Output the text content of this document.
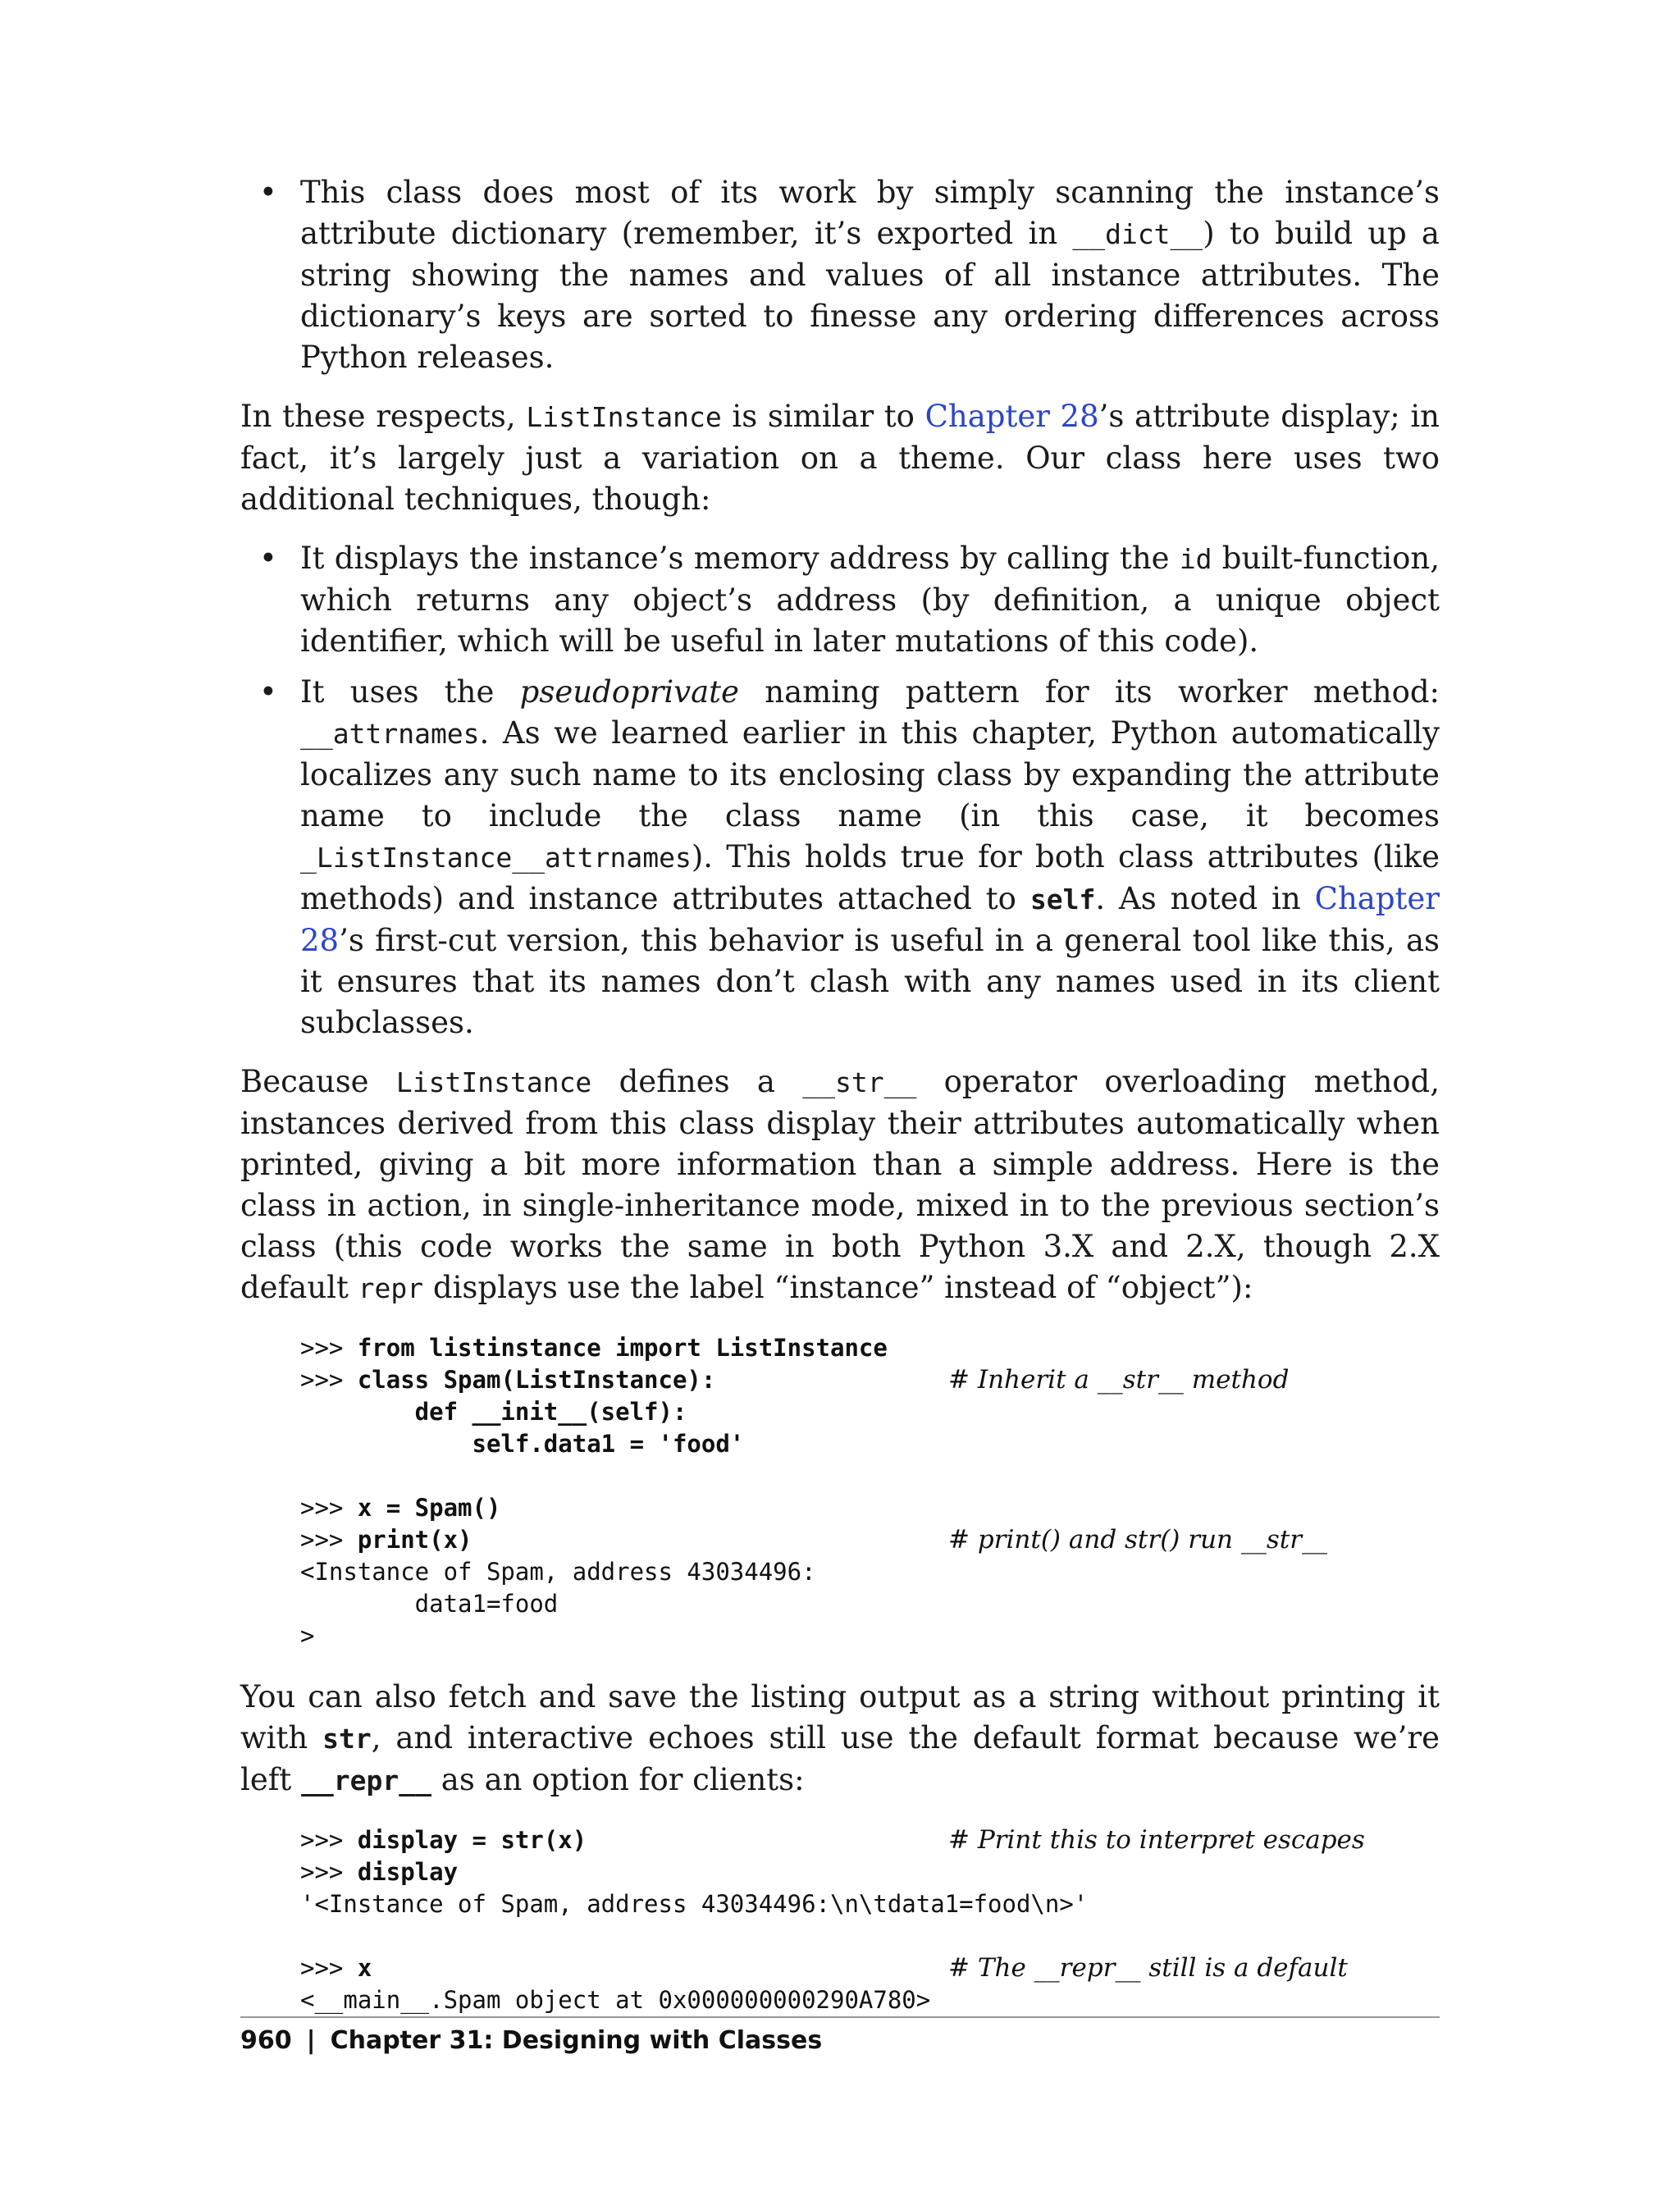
• This class does most of its work by simply scanning the instance’s attribute dictionary (remember, it’s exported in __dict__) to build up a string showing the names and values of all instance attributes. The dictionary’s keys are sorted to finesse any ordering differences across Python releases.

In these respects, ListInstance is similar to Chapter 28’s attribute display; in fact, it’s largely just a variation on a theme. Our class here uses two additional techniques, though:

• It displays the instance’s memory address by calling the id built-function, which returns any object’s address (by definition, a unique object identifier, which will be useful in later mutations of this code).
• It uses the pseudoprivate naming pattern for its worker method: __attrnames. As we learned earlier in this chapter, Python automatically localizes any such name to its enclosing class by expanding the attribute name to include the class name (in this case, it becomes _ListInstance__attrnames). This holds true for both class attributes (like methods) and instance attributes attached to self. As noted in Chapter 28’s first-cut version, this behavior is useful in a general tool like this, as it ensures that its names don’t clash with any names used in its client subclasses.

Because ListInstance defines a __str__ operator overloading method, instances derived from this class display their attributes automatically when printed, giving a bit more information than a simple address. Here is the class in action, in single-inheritance mode, mixed in to the previous section’s class (this code works the same in both Python 3.X and 2.X, though 2.X default repr displays use the label “instance” instead of “object”):

>>> from listinstance import ListInstance
>>> class Spam(ListInstance):	# Inherit a __str__ method
def __init__(self):
self.data1 = 'food'
>>> x = Spam()
>>> print(x)	# print() and str() run __str__
<Instance of Spam, address 43034496:
data1=food
>

You can also fetch and save the listing output as a string without printing it with str, and interactive echoes still use the default format because we’re left __repr__ as an option for clients:

>>> display = str(x)	# Print this to interpret escapes
>>> display
'<Instance of Spam, address 43034496:\n\tdata1=food\n>'
>>> x	# The __repr__ still is a default
<__main__.Spam object at 0x000000000290A780>
960 | Chapter 31: Designing with Classes
